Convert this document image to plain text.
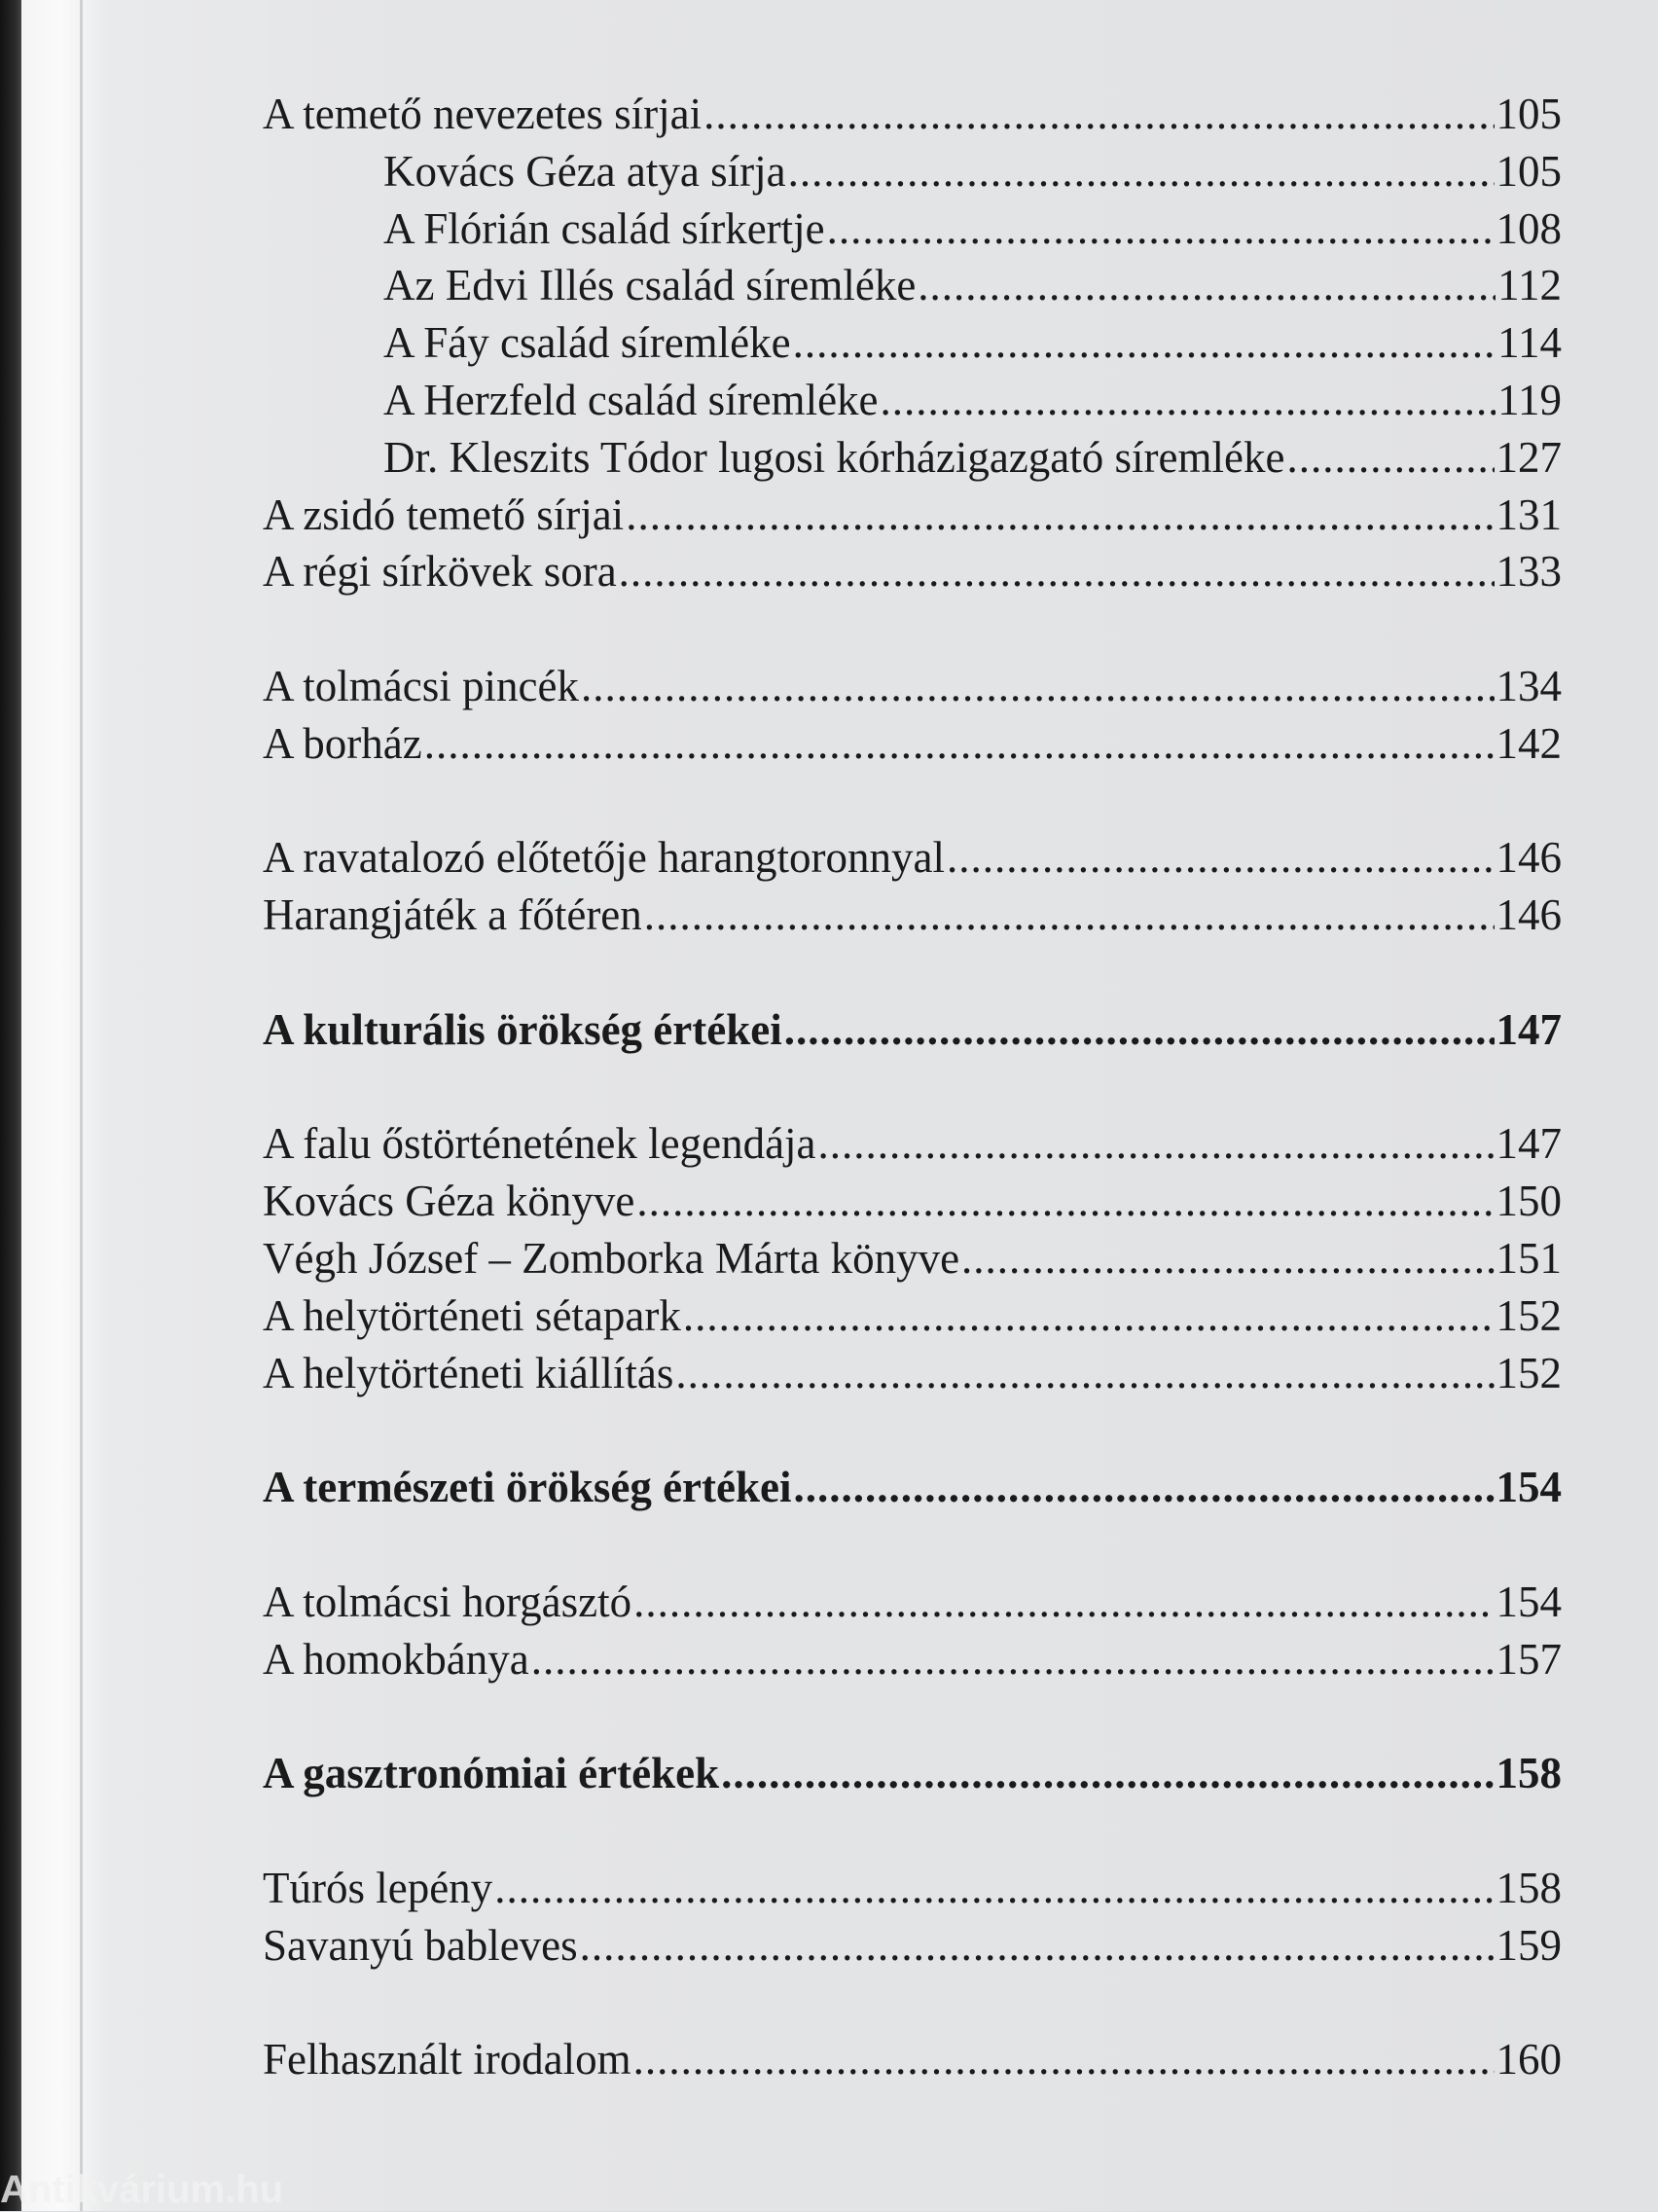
A temető nevezetes sírjai .....	105
Kovács Géza atya sírja .....	105
A Flórián család sírkertje .....	108
Az Edvi Illés család síremléke .....	112
A Fáy család síremléke .....	114
A Herzfeld család síremléke .....	119
Dr. Kleszits Tódor lugosi kórházigazgató síremléke .....	127
A zsidó temető sírjai .....	131
A régi sírkövek sora .....	133
A tolmácsi pincék .....	134
A borház .....	142
A ravatalozó előtetője harangtoronnyal .....	146
Harangjáték a főtéren .....	146
A kulturális örökség értékei .....	147
A falu őstörténetének legendája .....	147
Kovács Géza könyve .....	150
Végh József – Zomborka Márta könyve .....	151
A helytörténeti sétapark .....	152
A helytörténeti kiállítás .....	152
A természeti örökség értékei .....	154
A tolmácsi horgásztó .....	154
A homokbánya .....	157
A gasztronómiai értékek .....	158
Túrós lepény .....	158
Savanyú bableves .....	159
Felhasznált irodalom .....	160
Antikvárium.hu
